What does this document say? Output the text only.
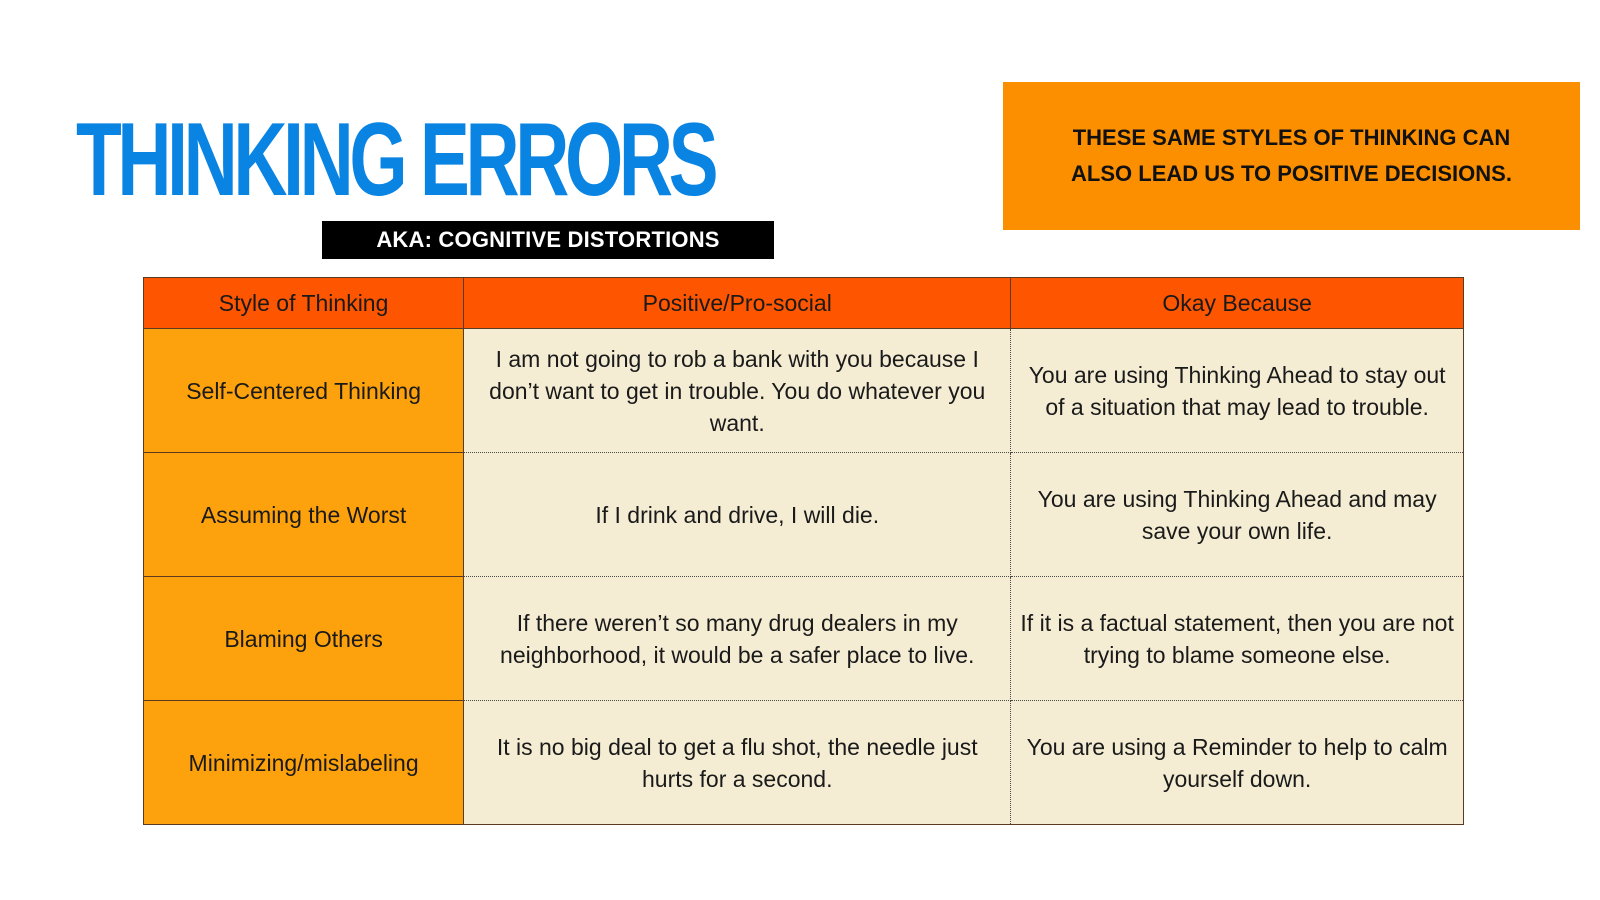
THINKING ERRORS
AKA: COGNITIVE DISTORTIONS
THESE SAME STYLES OF THINKING CAN ALSO LEAD US TO POSITIVE DECISIONS.
Style of Thinking	Positive/Pro-social	Okay Because
Self-Centered Thinking	I am not going to rob a bank with you because I don’t want to get in trouble. You do whatever you want.	You are using Thinking Ahead to stay out of a situation that may lead to trouble.
Assuming the Worst	If I drink and drive, I will die.	You are using Thinking Ahead and may save your own life.
Blaming Others	If there weren’t so many drug dealers in my neighborhood, it would be a safer place to live.	If it is a factual statement, then you are not trying to blame someone else.
Minimizing/mislabeling	It is no big deal to get a flu shot, the needle just hurts for a second.	You are using a Reminder to help to calm yourself down.
